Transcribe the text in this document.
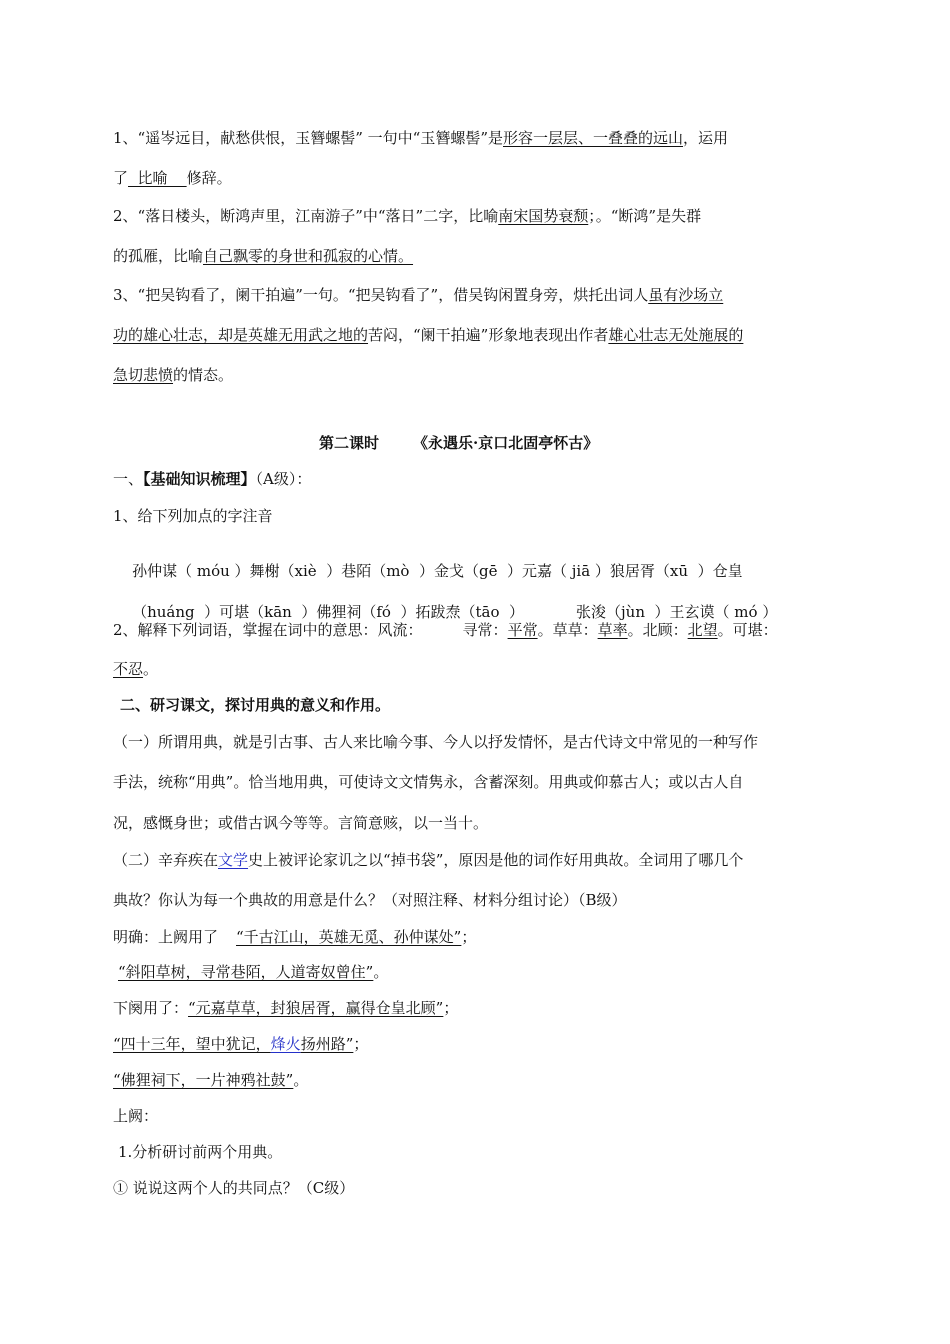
1、“遥岑远目，献愁供恨，玉簪螺髻” 一句中“玉簪螺髻”是形容一层层、一叠叠的远山，运用
了  比喻    修辞。
2、“落日楼头，断鸿声里，江南游子”中“落日”二字，比喻南宋国势衰颓；。“断鸿”是失群
的孤雁，比喻自己飘零的身世和孤寂的心情。
3、“把吴钩看了，阑干拍遍”一句。“把吴钩看了”，借吴钩闲置身旁，烘托出词人虽有沙场立
功的雄心壮志，却是英雄无用武之地的苦闷，“阑干拍遍”形象地表现出作者雄心壮志无处施展的
急切悲愤的情态。
第二课时 《永遇乐·京口北固亭怀古》
一、【基础知识梳理】（A级）：
1、给下列加点的字注音

孙仲谋（ móu ）舞榭（xiè  ）巷陌（mò  ）金戈（gē  ）元嘉（ jiā ）狼居胥（xū  ）仓皇

（huáng  ）可堪（kān  ）佛狸祠（fó  ）拓跋焘（tāo  ）	张浚（jùn  ）王玄谟（ mó ）

2、解释下列词语，掌握在词中的意思：风流：	寻常：平常。草草：草率。北顾：北望。可堪：
不忍。
二、研习课文，探讨用典的意义和作用。
（一）所谓用典，就是引古事、古人来比喻今事、今人以抒发情怀，是古代诗文中常见的一种写作
手法，统称“用典”。恰当地用典，可使诗文文情隽永，含蓄深刻。用典或仰慕古人；或以古人自
况，感慨身世；或借古讽今等等。言简意赅，以一当十。
（二）辛弃疾在文学史上被评论家讥之以“掉书袋”，原因是他的词作好用典故。全词用了哪几个
典故？你认为每一个典故的用意是什么？（对照注释、材料分组讨论）（B级）
明确：上阙用了 “千古江山，英雄无觅、孙仲谋处”；
“斜阳草树，寻常巷陌，人道寄奴曾住”。
下阕用了：“元嘉草草，封狼居胥，赢得仓皇北顾”；
“四十三年，望中犹记，烽火扬州路”；
“佛狸祠下，一片神鸦社鼓”。
上阙：
1.分析研讨前两个用典。
① 说说这两个人的共同点？（C级）
